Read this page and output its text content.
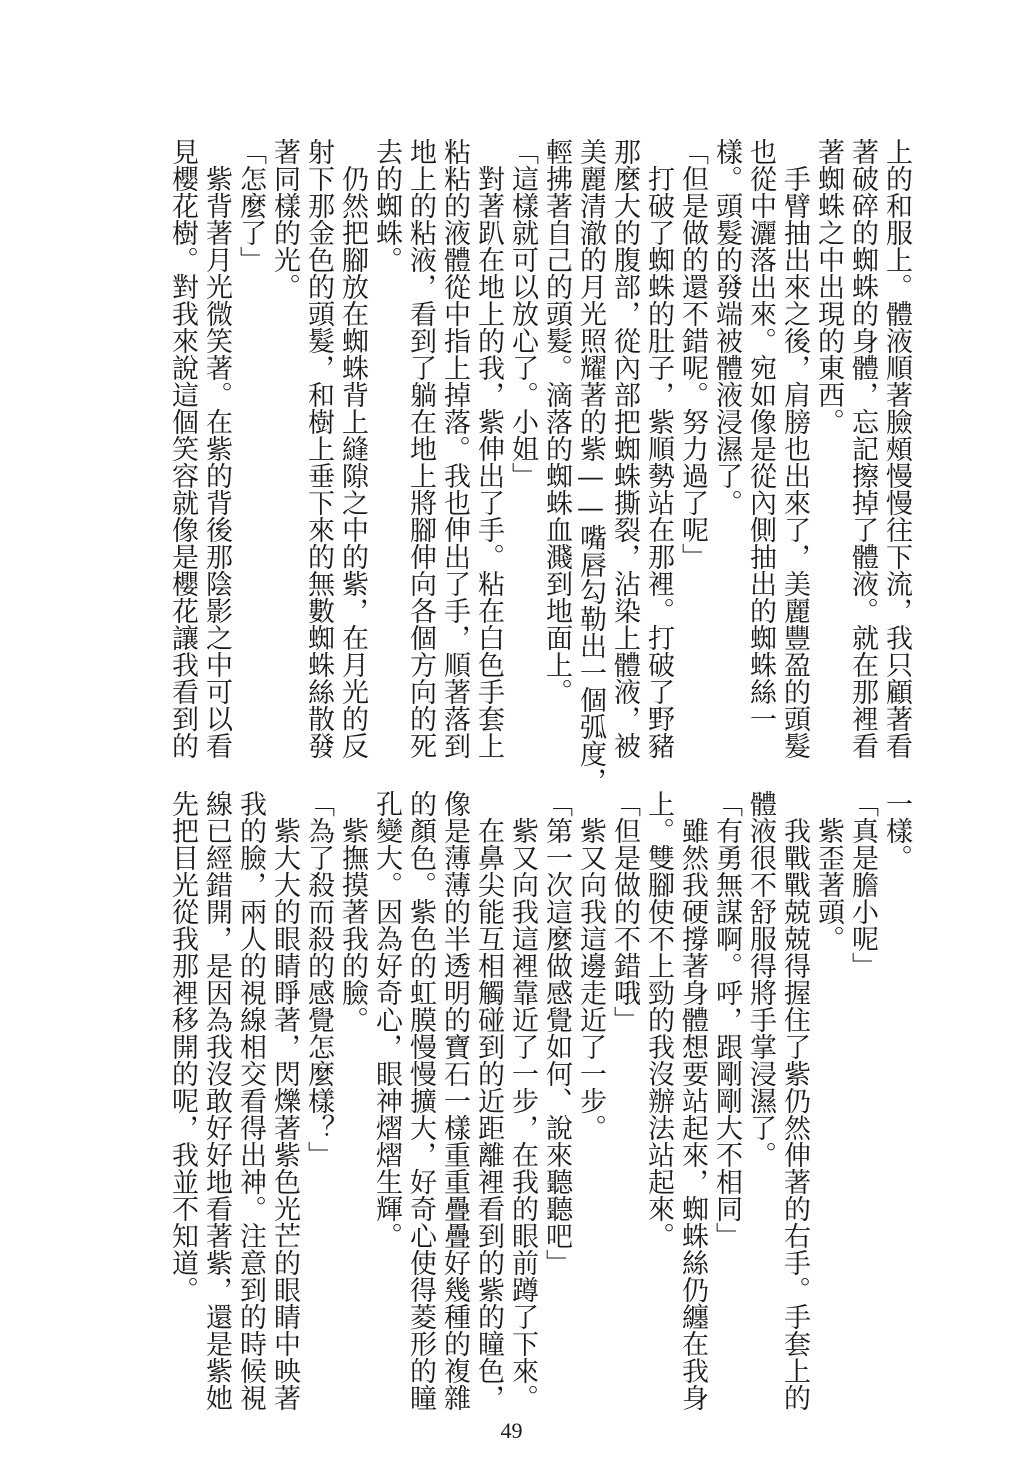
上的和服上。體液順著臉頰慢慢往下流，我只顧著看
著破碎的蜘蛛的身體，忘記擦掉了體液。就在那裡看
著蜘蛛之中出現的東西。
　手臂抽出來之後，肩膀也出來了，美麗豐盈的頭髮
也從中灑落出來。宛如像是從內側抽出的蜘蛛絲一
樣。頭髮的發端被體液浸濕了。
「但是做的還不錯呢。努力過了呢」
　打破了蜘蛛的肚子，紫順勢站在那裡。打破了野豬
那麼大的腹部，從內部把蜘蛛撕裂，沾染上體液，被
美麗清澈的月光照耀著的紫——嘴唇勾勒出一個弧度，
輕拂著自己的頭髮。滴落的蜘蛛血濺到地面上。
「這樣就可以放心了。小姐」
　對著趴在地上的我，紫伸出了手。粘在白色手套上
粘粘的液體從中指上掉落。我也伸出了手，順著落到
地上的粘液，看到了躺在地上將腳伸向各個方向的死
去的蜘蛛。
　仍然把腳放在蜘蛛背上縫隙之中的紫，在月光的反
射下那金色的頭髮，和樹上垂下來的無數蜘蛛絲散發
著同樣的光。
「怎麼了」
　紫背著月光微笑著。在紫的背後那陰影之中可以看
見櫻花樹。對我來說這個笑容就像是櫻花讓我看到的
一樣。
「真是膽小呢」
　紫歪著頭。
　我戰戰兢兢得握住了紫仍然伸著的右手。手套上的
體液很不舒服得將手掌浸濕了。
「有勇無謀啊。呼，跟剛剛大不相同」
　雖然我硬撐著身體想要站起來，蜘蛛絲仍纏在我身
上。雙腳使不上勁的我沒辦法站起來。
「但是做的不錯哦」
　紫又向我這邊走近了一步。
「第一次這麼做感覺如何、說來聽聽吧」
　紫又向我這裡靠近了一步，在我的眼前蹲了下來。
　在鼻尖能互相觸碰到的近距離裡看到的紫的瞳色，
像是薄薄的半透明的寶石一樣重重疊疊好幾種的複雜
的顏色。紫色的虹膜慢慢擴大，好奇心使得菱形的瞳
孔變大。因為好奇心，眼神熠熠生輝。
　紫撫摸著我的臉。
「為了殺而殺的感覺怎麼樣？」
　紫大大的眼睛睜著，閃爍著紫色光芒的眼睛中映著
我的臉，兩人的視線相交看得出神。注意到的時候視
線已經錯開，是因為我沒敢好好地看著紫，還是紫她
先把目光從我那裡移開的呢，我並不知道。
49
